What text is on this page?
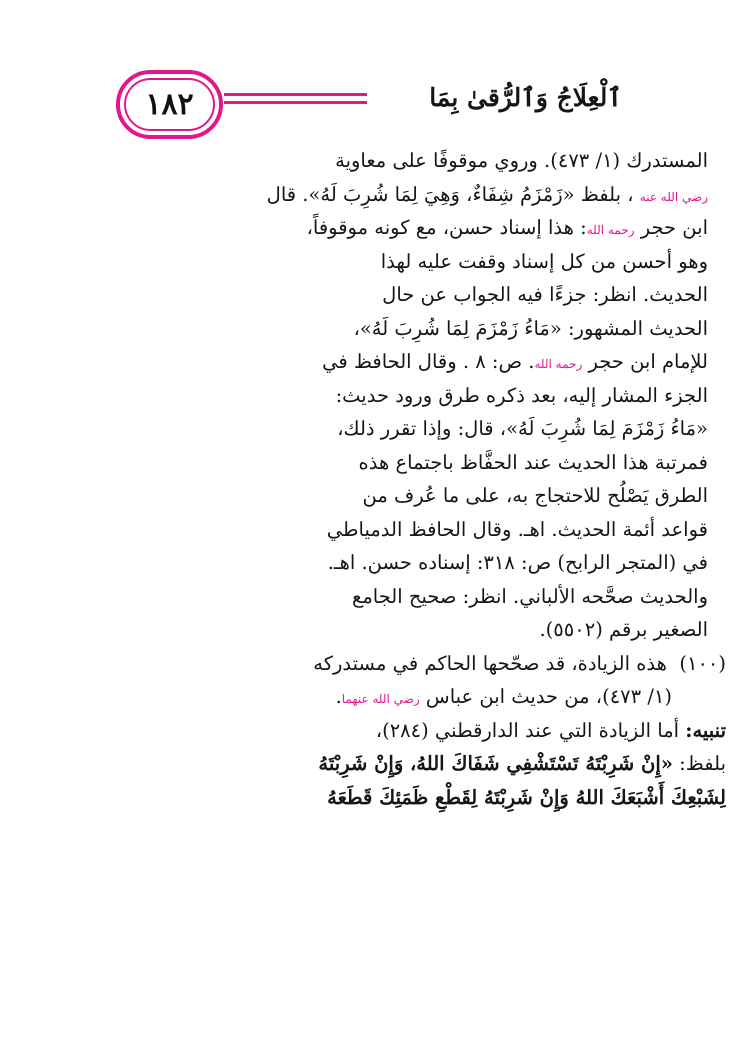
١٨٢	ٱلْعِلَاجُ وَٱلرُّقىٰ بِمَا
المستدرك (١/ ٤٧٣). وروي موقوفًا على معاوية
رضي الله عنه ، بلفظ «زَمْزَمُ شِفَاءٌ، وَهِيَ لِمَا شُرِبَ لَهُ». قال
ابن حجر رحمه الله: هذا إسناد حسن، مع كونه موقوفاً،
وهو أحسن من كل إسناد وقفت عليه لهذا
الحديث. انظر: جزءًا فيه الجواب عن حال
الحديث المشهور: «مَاءُ زَمْزَمَ لِمَا شُرِبَ لَهُ»،
للإمام ابن حجر رحمه الله. ص: ٨ . وقال الحافظ في
الجزء المشار إليه، بعد ذكره طرق ورود حديث:
«مَاءُ زَمْزَمَ لِمَا شُرِبَ لَهُ»، قال: وإذا تقرر ذلك،
فمرتبة هذا الحديث عند الحفَّاظ باجتماع هذه
الطرق يَصْلُح للاحتجاج به، على ما عُرف من
قواعد أئمة الحديث. اهـ. وقال الحافظ الدمياطي
في (المتجر الرابح) ص: ٣١٨: إسناده حسن. اهـ.
والحديث صحَّحه الألباني. انظر: صحيح الجامع
الصغير برقم (٥٥٠٢).
(١٠٠)  هذه الزيادة، قد صحّحها الحاكم في مستدركه
(١/ ٤٧٣)، من حديث ابن عباس رضي الله عنهما.
تنبيه: أما الزيادة التي عند الدارقطني (٢٨٤)،
بلفظ: «إِنْ شَرِبْتَهُ تَسْتَشْفِي شَفَاكَ اللهُ، وَإِنْ شَرِبْتَهُ
لِشَبْعِكَ أَشْبَعَكَ اللهُ وَإِنْ شَرِبْتَهُ لِقَطْعِ ظَمَئِكَ قَطَعَهُ
